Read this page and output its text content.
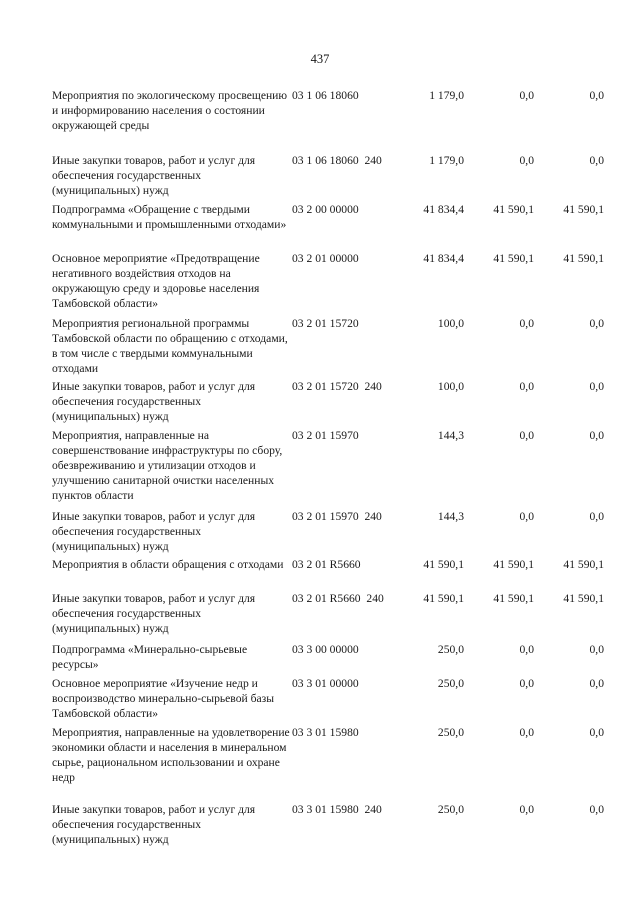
437
Мероприятия по экологическому просвещению и информированию населения о состоянии окружающей среды
03 1 06 18060	1 179,0	0,0	0,0
Иные закупки товаров, работ и услуг для обеспечения государственных (муниципальных) нужд
03 1 06 18060  240	1 179,0	0,0	0,0
Подпрограмма «Обращение с твердыми коммунальными и промышленными отходами»
03 2 00 00000	41 834,4	41 590,1	41 590,1
Основное мероприятие «Предотвращение негативного воздействия отходов на окружающую среду и здоровье населения Тамбовской области»
03 2 01 00000	41 834,4	41 590,1	41 590,1
Мероприятия региональной программы Тамбовской области по обращению с отходами, в том числе с твердыми коммунальными отходами
03 2 01 15720	100,0	0,0	0,0
Иные закупки товаров, работ и услуг для обеспечения государственных (муниципальных) нужд
03 2 01 15720  240	100,0	0,0	0,0
Мероприятия, направленные на совершенствование инфраструктуры по сбору, обезвреживанию и утилизации отходов и улучшению санитарной очистки населенных пунктов области
03 2 01 15970	144,3	0,0	0,0
Иные закупки товаров, работ и услуг для обеспечения государственных (муниципальных) нужд
03 2 01 15970  240	144,3	0,0	0,0
Мероприятия в области обращения с отходами 03 2 01 R5660	41 590,1	41 590,1	41 590,1
Иные закупки товаров, работ и услуг для обеспечения государственных (муниципальных) нужд
03 2 01 R5660  240	41 590,1	41 590,1	41 590,1
Подпрограмма «Минерально-сырьевые ресурсы»
03 3 00 00000	250,0	0,0	0,0
Основное мероприятие «Изучение недр и воспроизводство минерально-сырьевой базы Тамбовской области»
03 3 01 00000	250,0	0,0	0,0
Мероприятия, направленные на удовлетворение экономики области и населения в минеральном сырье, рациональном использовании и охране недр
03 3 01 15980	250,0	0,0	0,0
Иные закупки товаров, работ и услуг для обеспечения государственных (муниципальных) нужд
03 3 01 15980  240	250,0	0,0	0,0
